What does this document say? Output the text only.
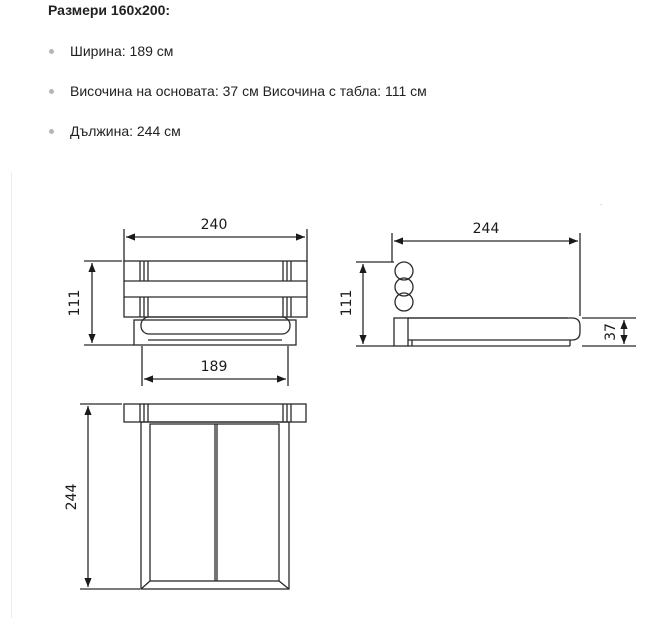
Размери 160x200:
Ширина: 189 см
Височина на основата: 37 см Височина с табла: 111 см
Дължина: 244 см
240
111
189
244
111
37
244
